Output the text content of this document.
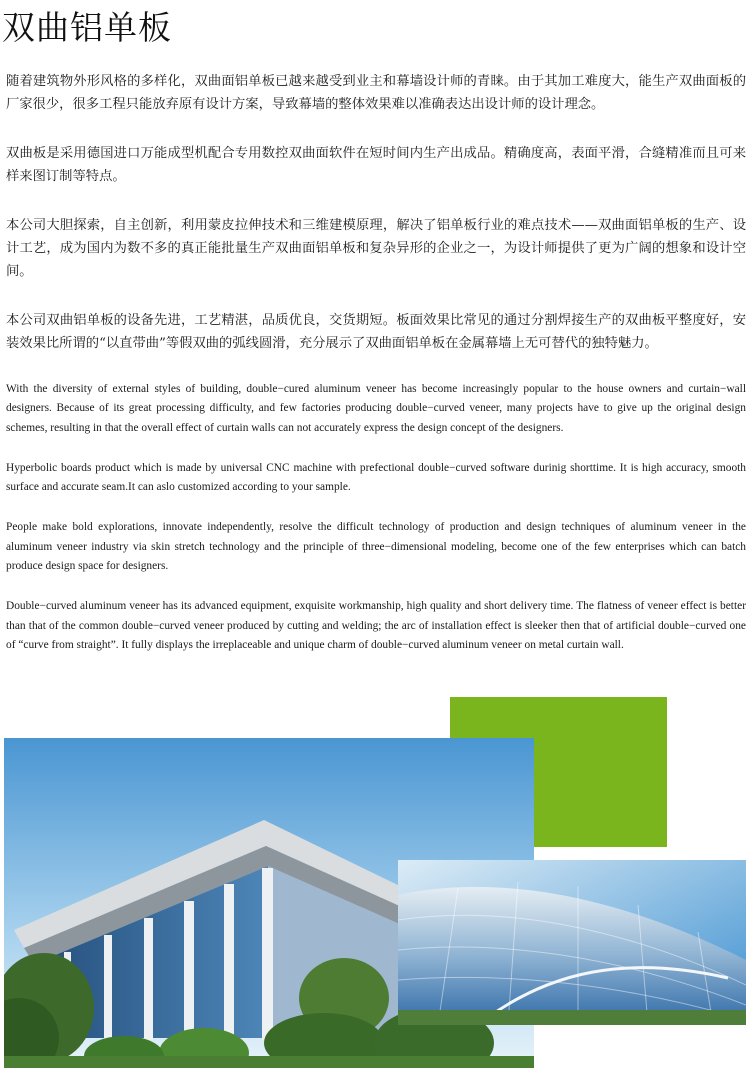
双曲铝单板

随着建筑物外形风格的多样化，双曲面铝单板已越来越受到业主和幕墙设计师的青睐。由于其加工难度大，能生产双曲面板的厂家很少，很多工程只能放弃原有设计方案，导致幕墙的整体效果难以准确表达出设计师的设计理念。

双曲板是采用德国进口万能成型机配合专用数控双曲面软件在短时间内生产出成品。精确度高，表面平滑，合缝精准而且可来样来图订制等特点。

本公司大胆探索，自主创新，利用蒙皮拉伸技术和三维建模原理，解决了铝单板行业的难点技术——双曲面铝单板的生产、设计工艺，成为国内为数不多的真正能批量生产双曲面铝单板和复杂异形的企业之一，为设计师提供了更为广阔的想象和设计空间。

本公司双曲铝单板的设备先进，工艺精湛，品质优良，交货期短。板面效果比常见的通过分割焊接生产的双曲板平整度好，安装效果比所谓的“以直带曲”等假双曲的弧线圆滑，充分展示了双曲面铝单板在金属幕墙上无可替代的独特魅力。

With the diversity of external styles of building, double−cured aluminum veneer has become increasingly popular to the house owners and curtain−wall designers. Because of its great processing difficulty, and few factories producing double−curved veneer, many projects have to give up the original design schemes, resulting in that the overall effect of curtain walls can not accurately express the design concept of the designers.

Hyperbolic boards product which is made by universal CNC machine with prefectional double−curved software durinig shorttime. It is high accuracy, smooth surface and accurate seam.It can aslo customized according to your sample.

People make bold explorations, innovate independently, resolve the difficult technology of production and design techniques of aluminum veneer in the aluminum veneer industry via skin stretch technology and the principle of three−dimensional modeling, become one of the few enterprises which can batch produce design space for designers.

Double−curved aluminum veneer has its advanced equipment, exquisite workmanship, high quality and short delivery time. The flatness of veneer effect is better than that of the common double−curved veneer produced by cutting and welding; the arc of installation effect is sleeker then that of artificial double−curved one of “curve from straight”. It fully displays the irreplaceable and unique charm of double−curved aluminum veneer on metal curtain wall.
